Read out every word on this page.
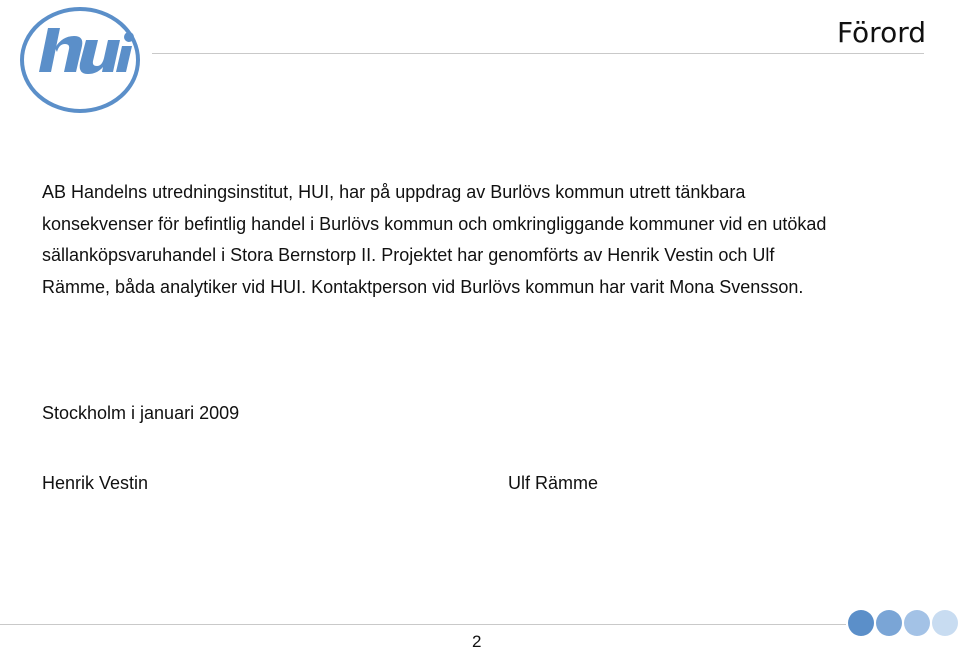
Förord

AB Handelns utredningsinstitut, HUI, har på uppdrag av Burlövs kommun utrett tänkbara konsekvenser för befintlig handel i Burlövs kommun och omkringliggande kommuner vid en utökad sällanköpsvaruhandel i Stora Bernstorp II. Projektet har genomförts av Henrik Vestin och Ulf Rämme, båda analytiker vid HUI. Kontaktperson vid Burlövs kommun har varit Mona Svensson.

Stockholm i januari 2009
Henrik Vestin	Ulf Rämme
2
